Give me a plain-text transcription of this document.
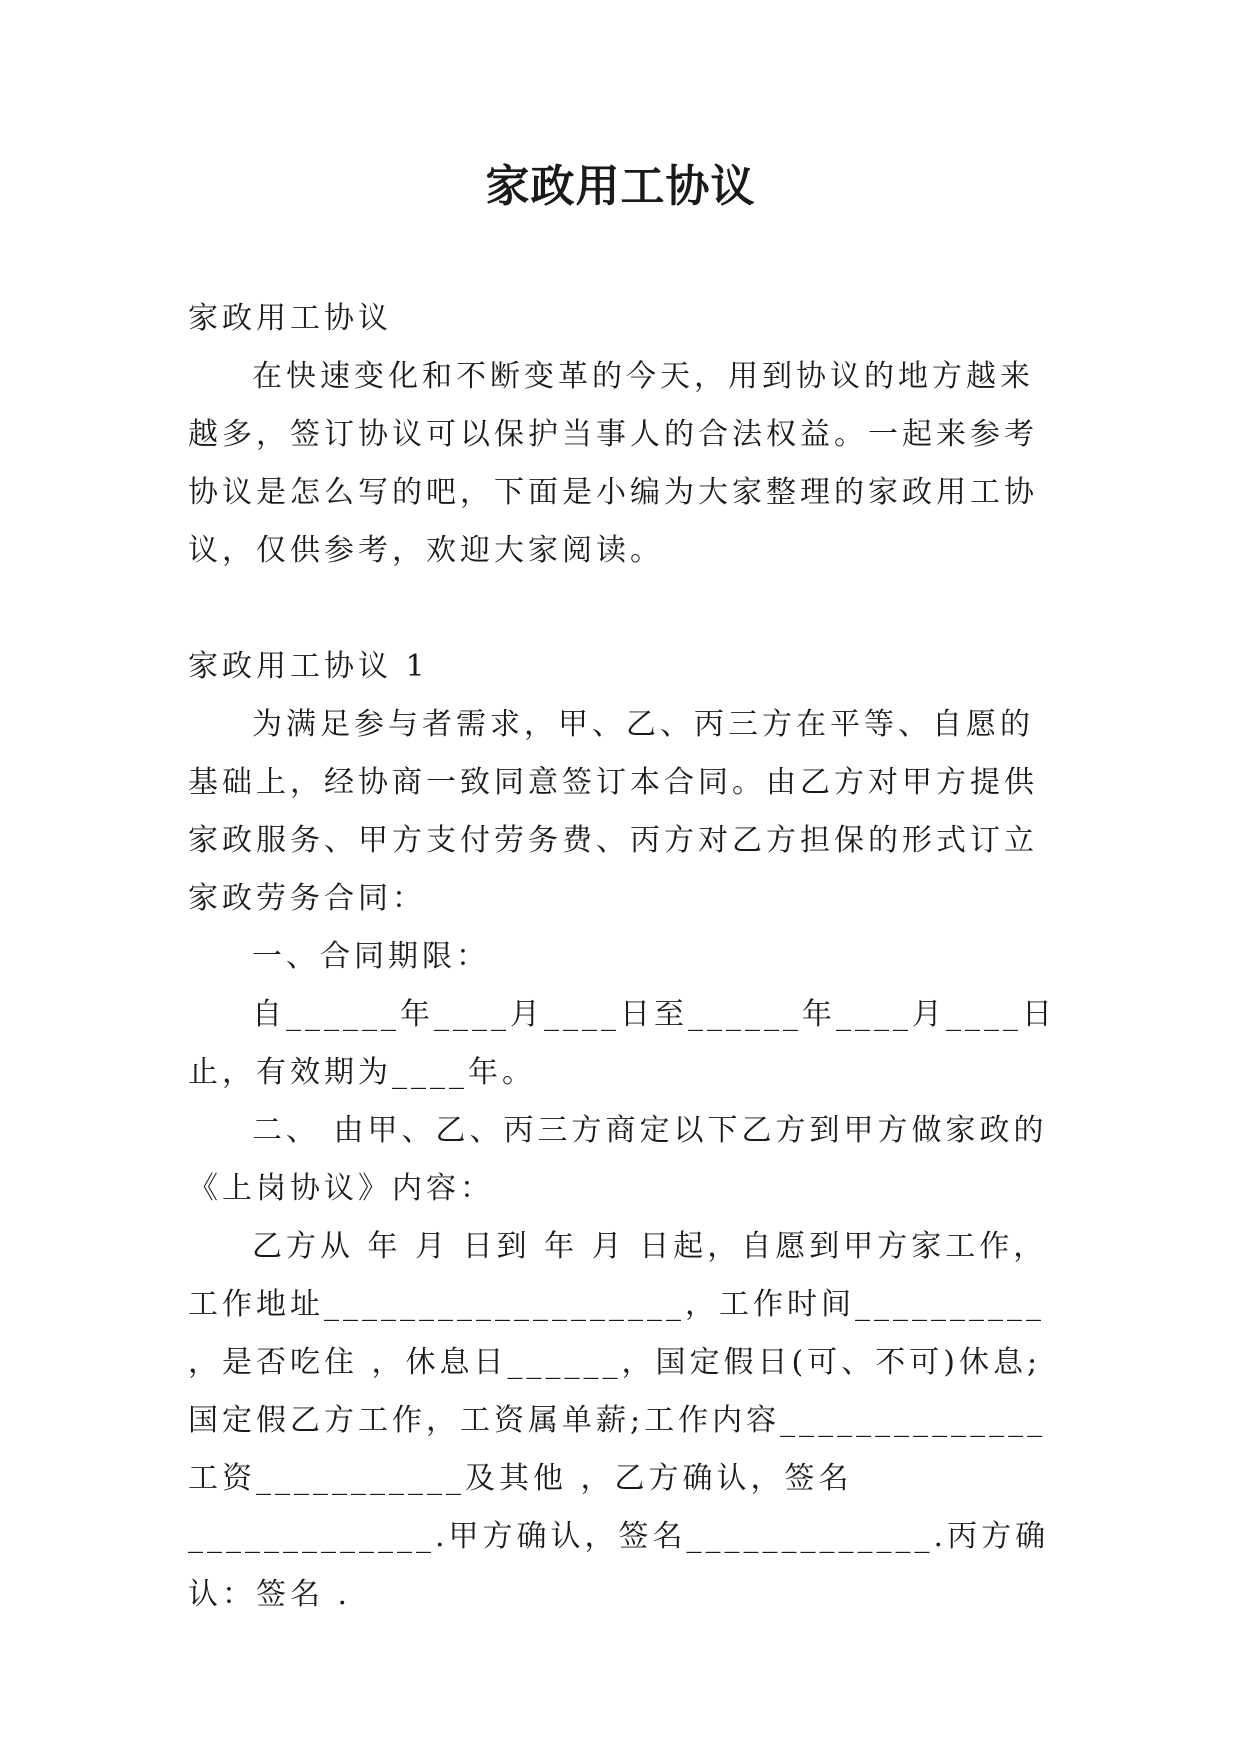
家政用工协议

家政用工协议

在快速变化和不断变革的今天，用到协议的地方越来越多，签订协议可以保护当事人的合法权益。一起来参考协议是怎么写的吧，下面是小编为大家整理的家政用工协议，仅供参考，欢迎大家阅读。

家政用工协议 1

为满足参与者需求，甲、乙、丙三方在平等、自愿的基础上，经协商一致同意签订本合同。由乙方对甲方提供家政服务、甲方支付劳务费、丙方对乙方担保的形式订立家政劳务合同：

一、合同期限：

自______年____月____日至______年____月____日止，有效期为____年。

二、 由甲、乙、丙三方商定以下乙方到甲方做家政的《上岗协议》内容：

乙方从 年 月 日到 年 月 日起，自愿到甲方家工作，工作地址___________________，工作时间__________ ，是否吃住 ，休息日______，国定假日(可、不可)休息;国定假乙方工作，工资属单薪;工作内容______________ 工资___________及其他 ，乙方确认，签名_____________.甲方确认，签名_____________.丙方确认：签名 .
